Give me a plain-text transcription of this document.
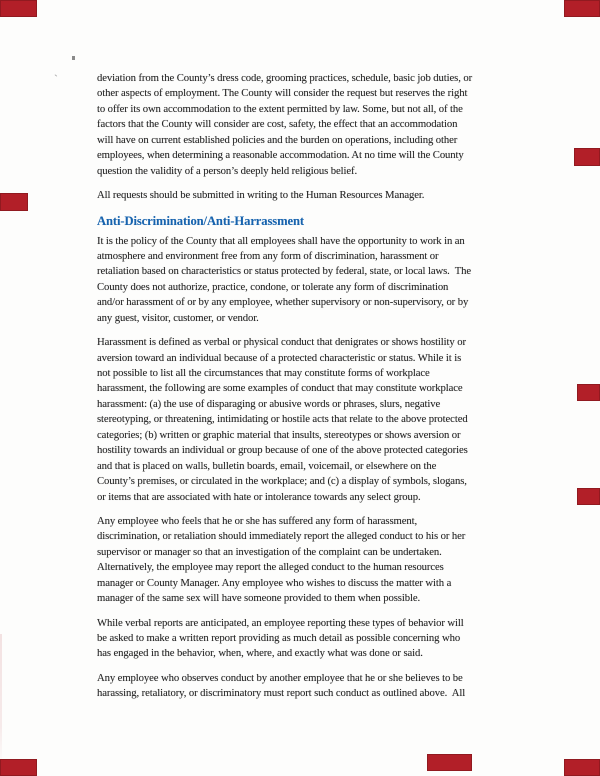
`	deviation from the County’s dress code, grooming practices, schedule, basic job duties, or
other aspects of employment. The County will consider the request but reserves the right
to offer its own accommodation to the extent permitted by law. Some, but not all, of the
factors that the County will consider are cost, safety, the effect that an accommodation
will have on current established policies and the burden on operations, including other
employees, when determining a reasonable accommodation. At no time will the County
question the validity of a person’s deeply held religious belief.
All requests should be submitted in writing to the Human Resources Manager.
Anti-Discrimination/Anti-Harrassment
It is the policy of the County that all employees shall have the opportunity to work in an
atmosphere and environment free from any form of discrimination, harassment or
retaliation based on characteristics or status protected by federal, state, or local laws.  The
County does not authorize, practice, condone, or tolerate any form of discrimination
and/or harassment of or by any employee, whether supervisory or non-supervisory, or by
any guest, visitor, customer, or vendor.
Harassment is defined as verbal or physical conduct that denigrates or shows hostility or
aversion toward an individual because of a protected characteristic or status. While it is
not possible to list all the circumstances that may constitute forms of workplace
harassment, the following are some examples of conduct that may constitute workplace
harassment: (a) the use of disparaging or abusive words or phrases, slurs, negative
stereotyping, or threatening, intimidating or hostile acts that relate to the above protected
categories; (b) written or graphic material that insults, stereotypes or shows aversion or
hostility towards an individual or group because of one of the above protected categories
and that is placed on walls, bulletin boards, email, voicemail, or elsewhere on the
County’s premises, or circulated in the workplace; and (c) a display of symbols, slogans,
or items that are associated with hate or intolerance towards any select group.
Any employee who feels that he or she has suffered any form of harassment,
discrimination, or retaliation should immediately report the alleged conduct to his or her
supervisor or manager so that an investigation of the complaint can be undertaken.
Alternatively, the employee may report the alleged conduct to the human resources
manager or County Manager. Any employee who wishes to discuss the matter with a
manager of the same sex will have someone provided to them when possible.
While verbal reports are anticipated, an employee reporting these types of behavior will
be asked to make a written report providing as much detail as possible concerning who
has engaged in the behavior, when, where, and exactly what was done or said.
Any employee who observes conduct by another employee that he or she believes to be
harassing, retaliatory, or discriminatory must report such conduct as outlined above.  All
